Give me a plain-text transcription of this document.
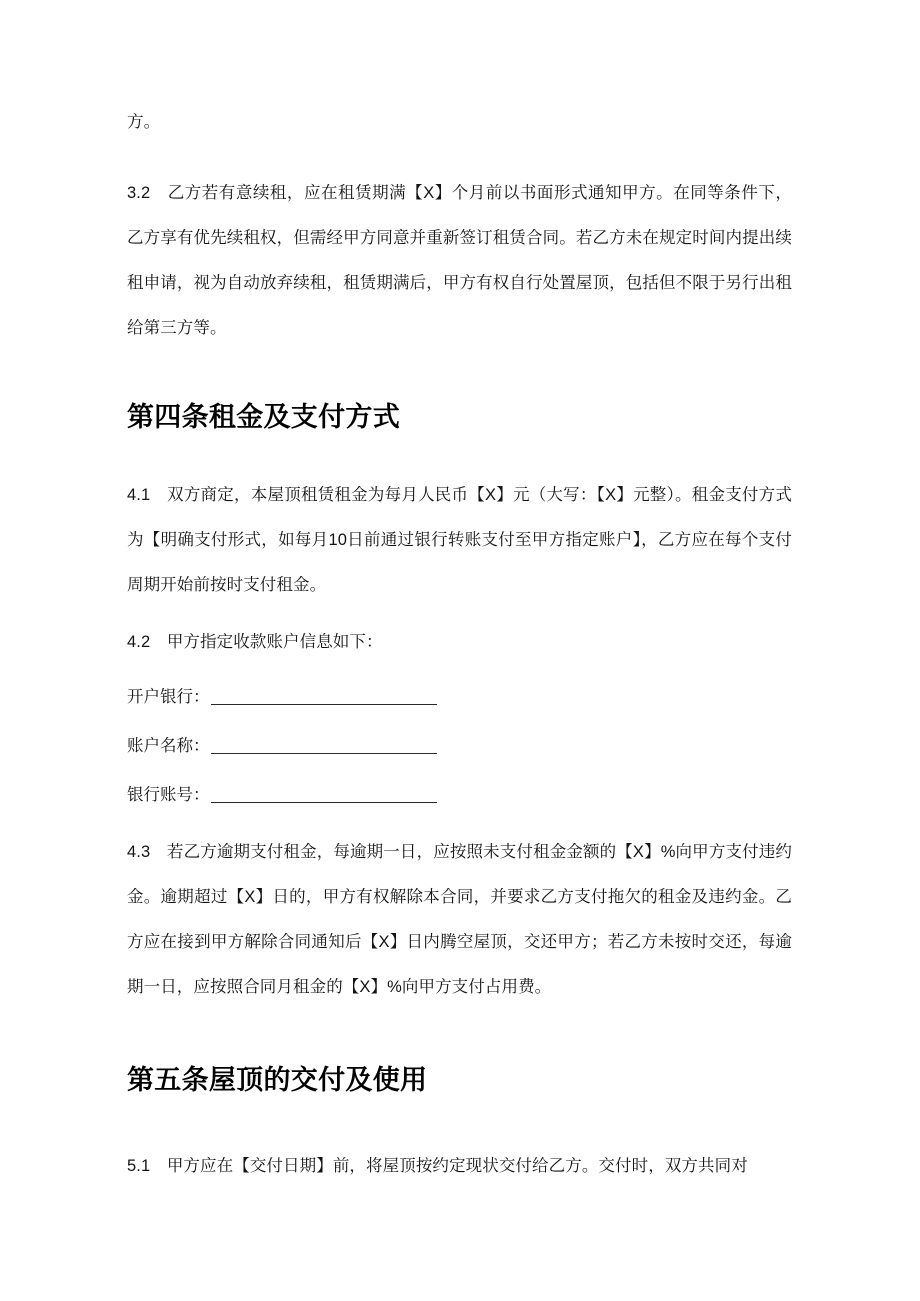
方。

3.2　乙方若有意续租，应在租赁期满【X】个月前以书面形式通知甲方。在同等条件下，乙方享有优先续租权，但需经甲方同意并重新签订租赁合同。若乙方未在规定时间内提出续租申请，视为自动放弃续租，租赁期满后，甲方有权自行处置屋顶，包括但不限于另行出租给第三方等。

第四条租金及支付方式

4.1　双方商定，本屋顶租赁租金为每月人民币【X】元（大写：【X】元整）。租金支付方式为【明确支付形式，如每月10日前通过银行转账支付至甲方指定账户】，乙方应在每个支付周期开始前按时支付租金。

4.2　甲方指定收款账户信息如下：

开户银行：

账户名称：

银行账号：

4.3　若乙方逾期支付租金，每逾期一日，应按照未支付租金金额的【X】%向甲方支付违约金。逾期超过【X】日的，甲方有权解除本合同，并要求乙方支付拖欠的租金及违约金。乙方应在接到甲方解除合同通知后【X】日内腾空屋顶，交还甲方；若乙方未按时交还，每逾期一日，应按照合同月租金的【X】%向甲方支付占用费。

第五条屋顶的交付及使用

5.1　甲方应在【交付日期】前，将屋顶按约定现状交付给乙方。交付时，双方共同对
